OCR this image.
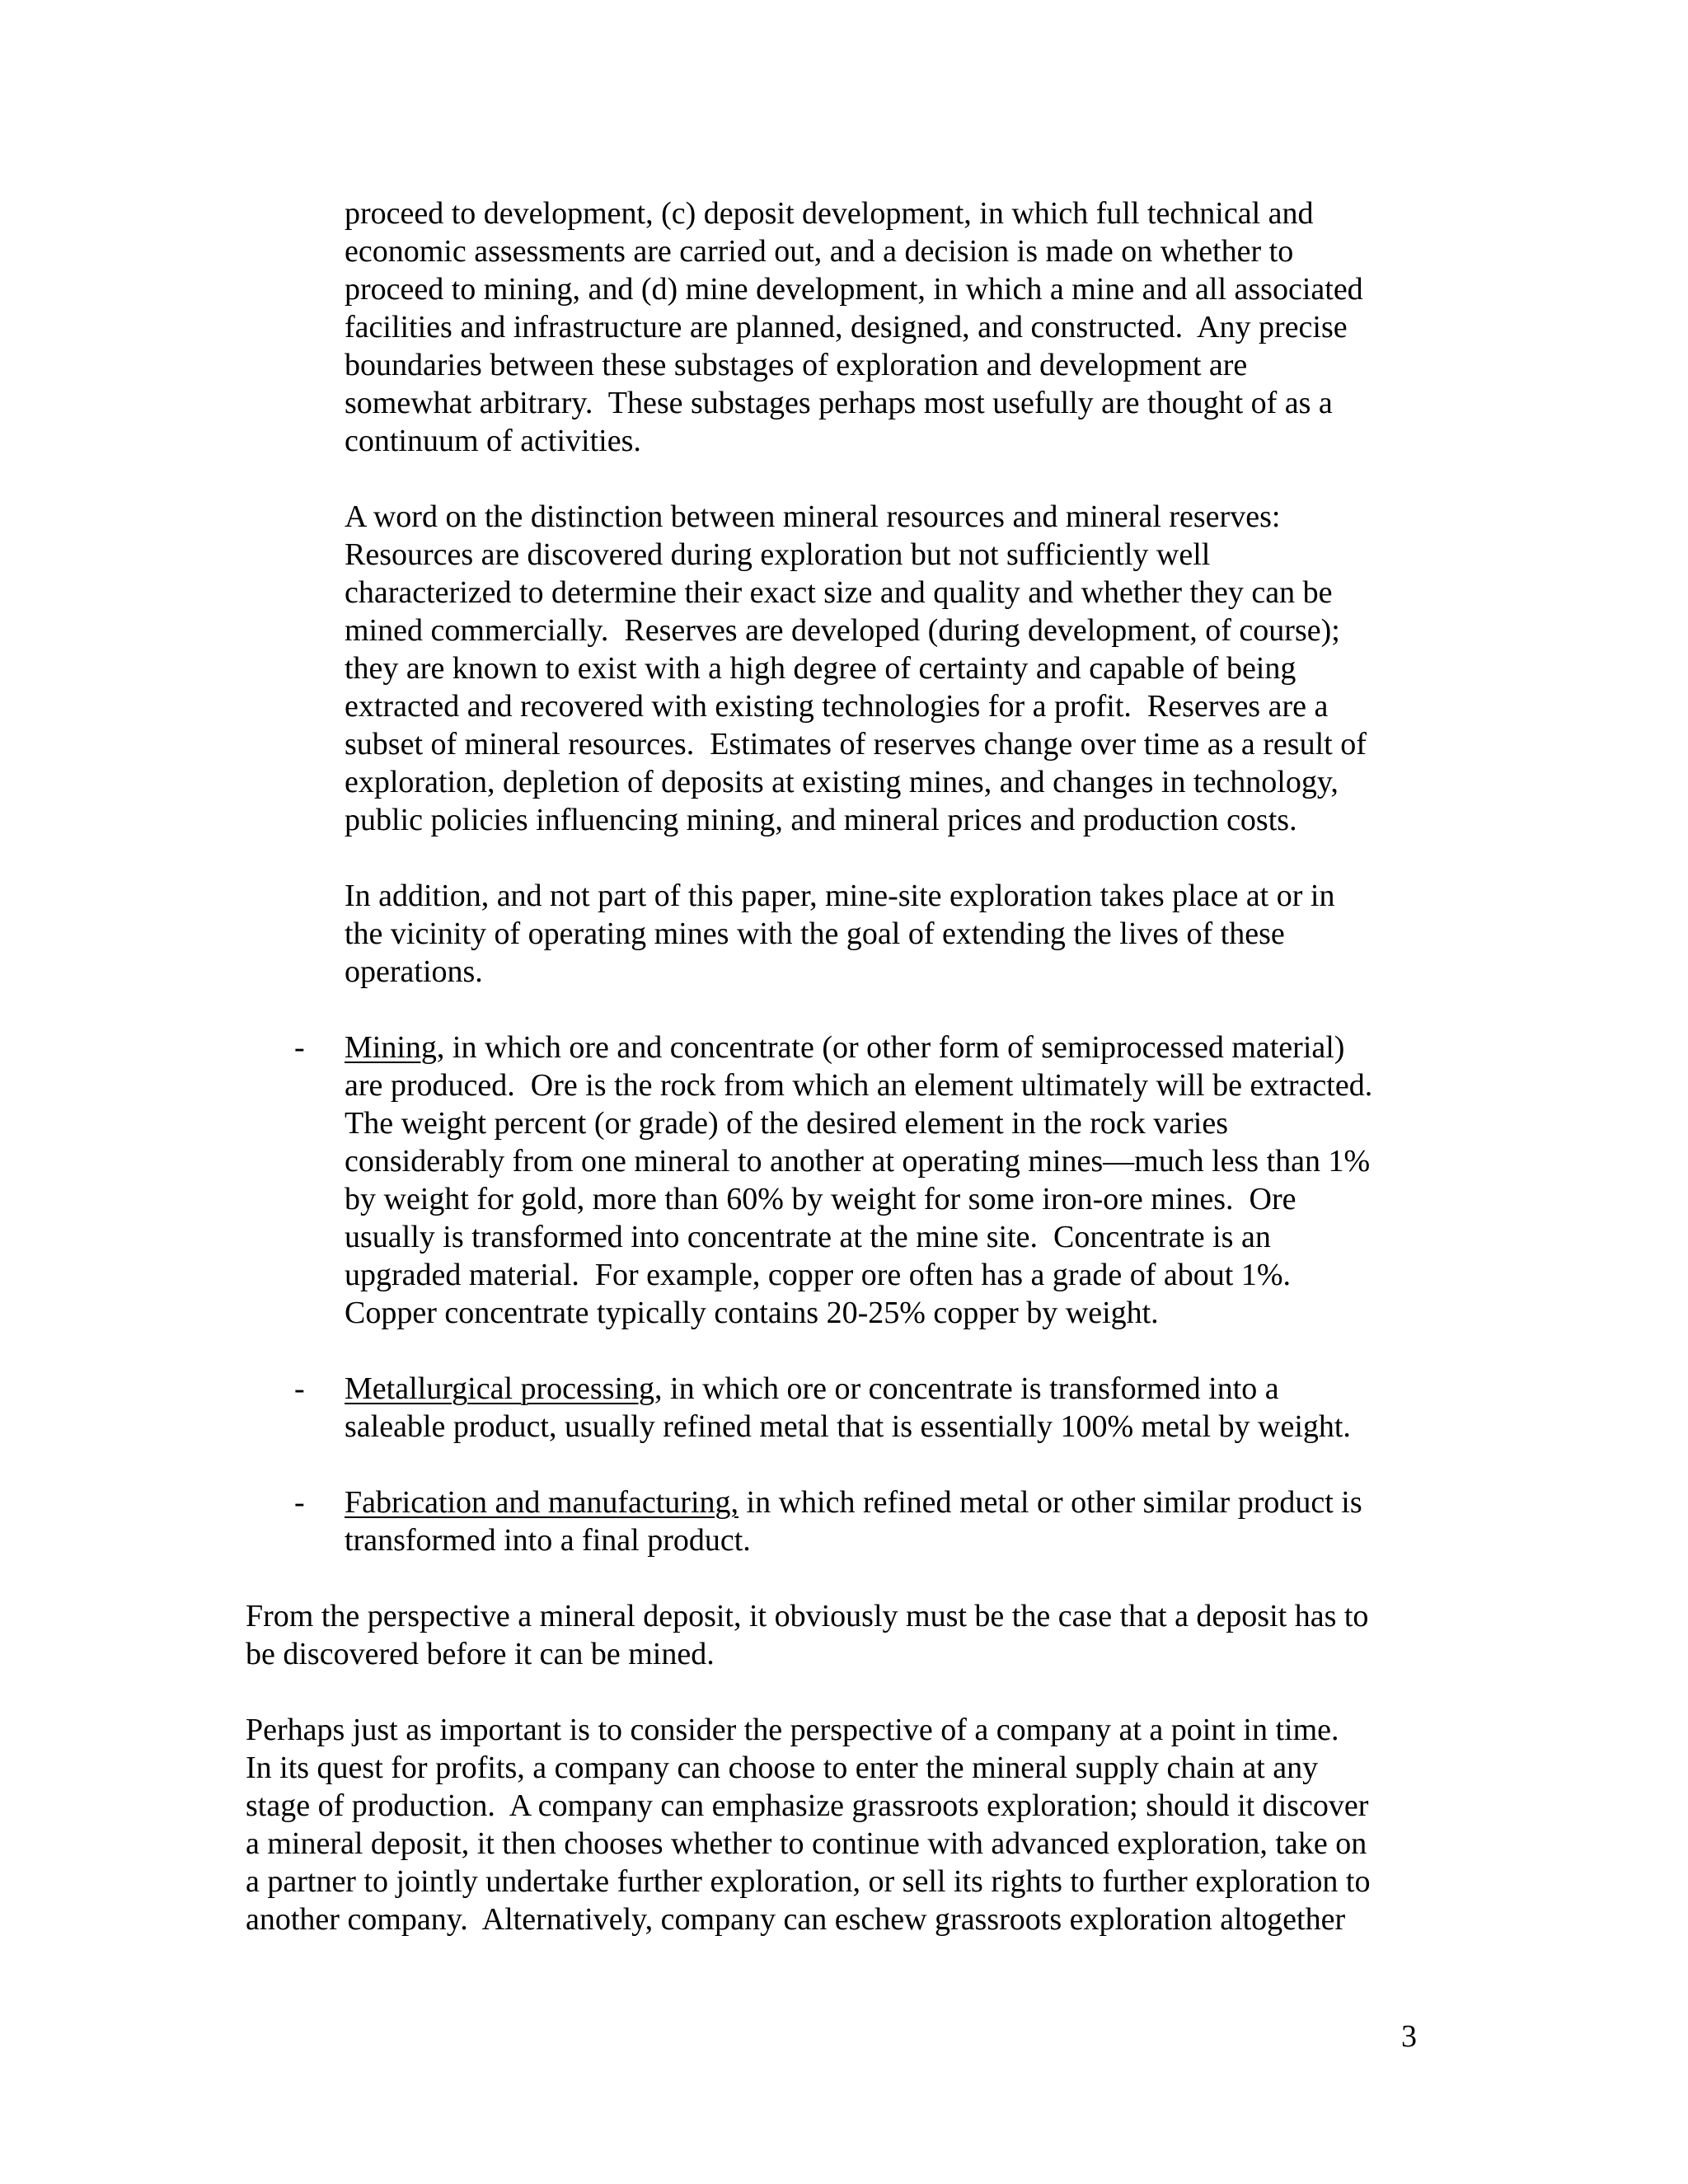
proceed to development, (c) deposit development, in which full technical and
economic assessments are carried out, and a decision is made on whether to
proceed to mining, and (d) mine development, in which a mine and all associated
facilities and infrastructure are planned, designed, and constructed.  Any precise
boundaries between these substages of exploration and development are
somewhat arbitrary.  These substages perhaps most usefully are thought of as a
continuum of activities.
A word on the distinction between mineral resources and mineral reserves:
Resources are discovered during exploration but not sufficiently well
characterized to determine their exact size and quality and whether they can be
mined commercially.  Reserves are developed (during development, of course);
they are known to exist with a high degree of certainty and capable of being
extracted and recovered with existing technologies for a profit.  Reserves are a
subset of mineral resources.  Estimates of reserves change over time as a result of
exploration, depletion of deposits at existing mines, and changes in technology,
public policies influencing mining, and mineral prices and production costs.
In addition, and not part of this paper, mine-site exploration takes place at or in
the vicinity of operating mines with the goal of extending the lives of these
operations.
- Mining, in which ore and concentrate (or other form of semiprocessed material)
are produced.  Ore is the rock from which an element ultimately will be extracted.
The weight percent (or grade) of the desired element in the rock varies
considerably from one mineral to another at operating mines—much less than 1%
by weight for gold, more than 60% by weight for some iron-ore mines.  Ore
usually is transformed into concentrate at the mine site.  Concentrate is an
upgraded material.  For example, copper ore often has a grade of about 1%.
Copper concentrate typically contains 20-25% copper by weight.
- Metallurgical processing, in which ore or concentrate is transformed into a
saleable product, usually refined metal that is essentially 100% metal by weight.
- Fabrication and manufacturing, in which refined metal or other similar product is
transformed into a final product.
From the perspective a mineral deposit, it obviously must be the case that a deposit has to
be discovered before it can be mined.
Perhaps just as important is to consider the perspective of a company at a point in time.
In its quest for profits, a company can choose to enter the mineral supply chain at any
stage of production.  A company can emphasize grassroots exploration; should it discover
a mineral deposit, it then chooses whether to continue with advanced exploration, take on
a partner to jointly undertake further exploration, or sell its rights to further exploration to
another company.  Alternatively, company can eschew grassroots exploration altogether
3
